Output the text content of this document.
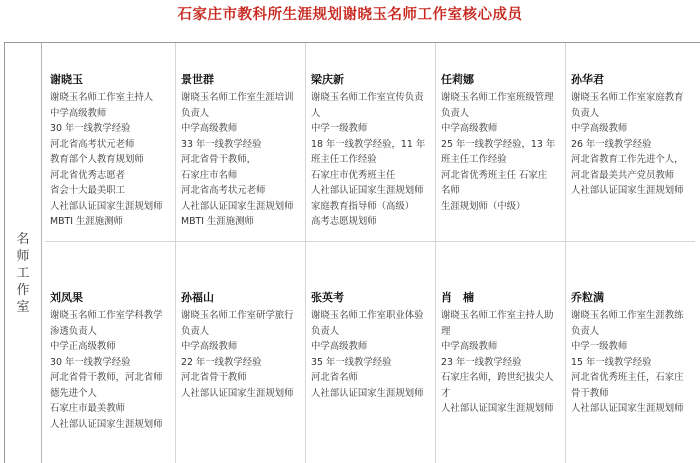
石家庄市教科所生涯规划谢晓玉名师工作室核心成员
名
师
工
作
室
谢晓玉
谢晓玉名师工作室主持人
中学高级教师
30 年一线教学经验
河北省高考状元老师
教育部个人教育规划师
河北省优秀志愿者
省会十大最美职工
人社部认证国家生涯规划师
MBTI 生涯施测师
景世群
谢晓玉名师工作室生涯培训
负责人
中学高级教师
33 年一线教学经验
河北省骨干教师，
石家庄市名师
河北省高考状元老师
人社部认证国家生涯规划师
MBTI 生涯施测师
梁庆新
谢晓玉名师工作室宣传负责
人
中学一级教师
18 年一线教学经验，11 年
班主任工作经验
石家庄市优秀班主任
人社部认证国家生涯规划师
家庭教育指导师（高级）
高考志愿规划师
任莉娜
谢晓玉名师工作室班级管理
负责人
中学高级教师
25 年一线教学经验，13 年
班主任工作经验
河北省优秀班主任 石家庄
名师
生涯规划师（中级）
孙华君
谢晓玉名师工作室家庭教育
负责人
中学高级教师
26 年一线教学经验
河北省教育工作先进个人，
河北省最美共产党员教师
人社部认证国家生涯规划师
刘凤果
谢晓玉名师工作室学科教学
渗透负责人
中学正高级教师
30 年一线教学经验
河北省骨干教师，河北省师
德先进个人
石家庄市最美教师
人社部认证国家生涯规划师
孙福山
谢晓玉名师工作室研学旅行
负责人
中学高级教师
22 年一线教学经验
河北省骨干教师
人社部认证国家生涯规划师
张英考
谢晓玉名师工作室职业体验
负责人
中学高级教师
35 年一线教学经验
河北省名师
人社部认证国家生涯规划师
肖　楠
谢晓玉名师工作室主持人助
理
中学高级教师
23 年一线教学经验
石家庄名师，跨世纪拔尖人
才
人社部认证国家生涯规划师
乔粒满
谢晓玉名师工作室生涯教练
负责人
中学一级教师
15 年一线教学经验
河北省优秀班主任，石家庄
骨干教师
人社部认证国家生涯规划师
